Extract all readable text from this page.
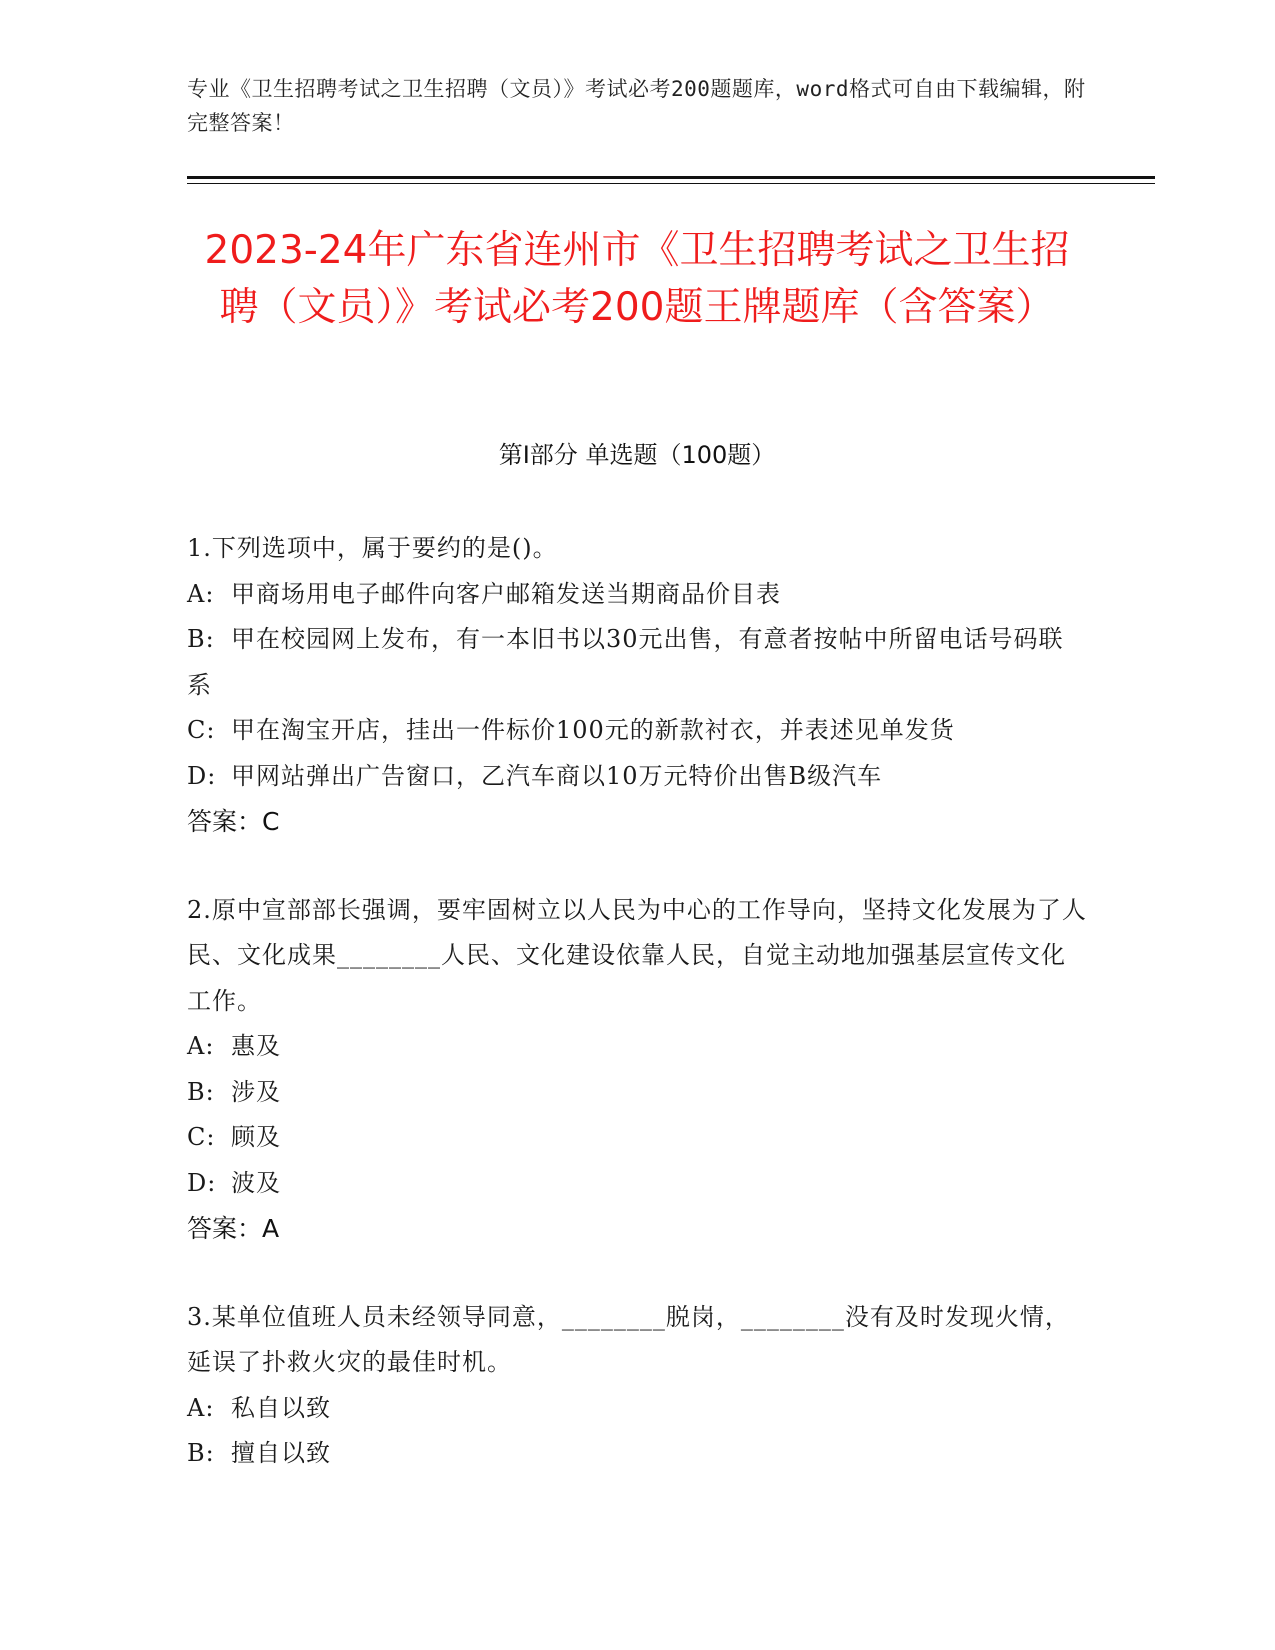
专业《卫生招聘考试之卫生招聘（文员）》考试必考200题题库，word格式可自由下载编辑，附完整答案！
2023-24年广东省连州市《卫生招聘考试之卫生招聘（文员）》考试必考200题王牌题库（含答案）
第I部分 单选题（100题）
1.下列选项中，属于要约的是()。
A: 甲商场用电子邮件向客户邮箱发送当期商品价目表
B: 甲在校园网上发布，有一本旧书以30元出售，有意者按帖中所留电话号码联系
C: 甲在淘宝开店，挂出一件标价100元的新款衬衣，并表述见单发货
D: 甲网站弹出广告窗口，乙汽车商以10万元特价出售B级汽车
答案：C
2.原中宣部部长强调，要牢固树立以人民为中心的工作导向，坚持文化发展为了人民、文化成果________人民、文化建设依靠人民，自觉主动地加强基层宣传文化工作。
A: 惠及
B: 涉及
C: 顾及
D: 波及
答案：A
3.某单位值班人员未经领导同意，________脱岗，________没有及时发现火情，延误了扑救火灾的最佳时机。
A: 私自以致
B: 擅自以致
